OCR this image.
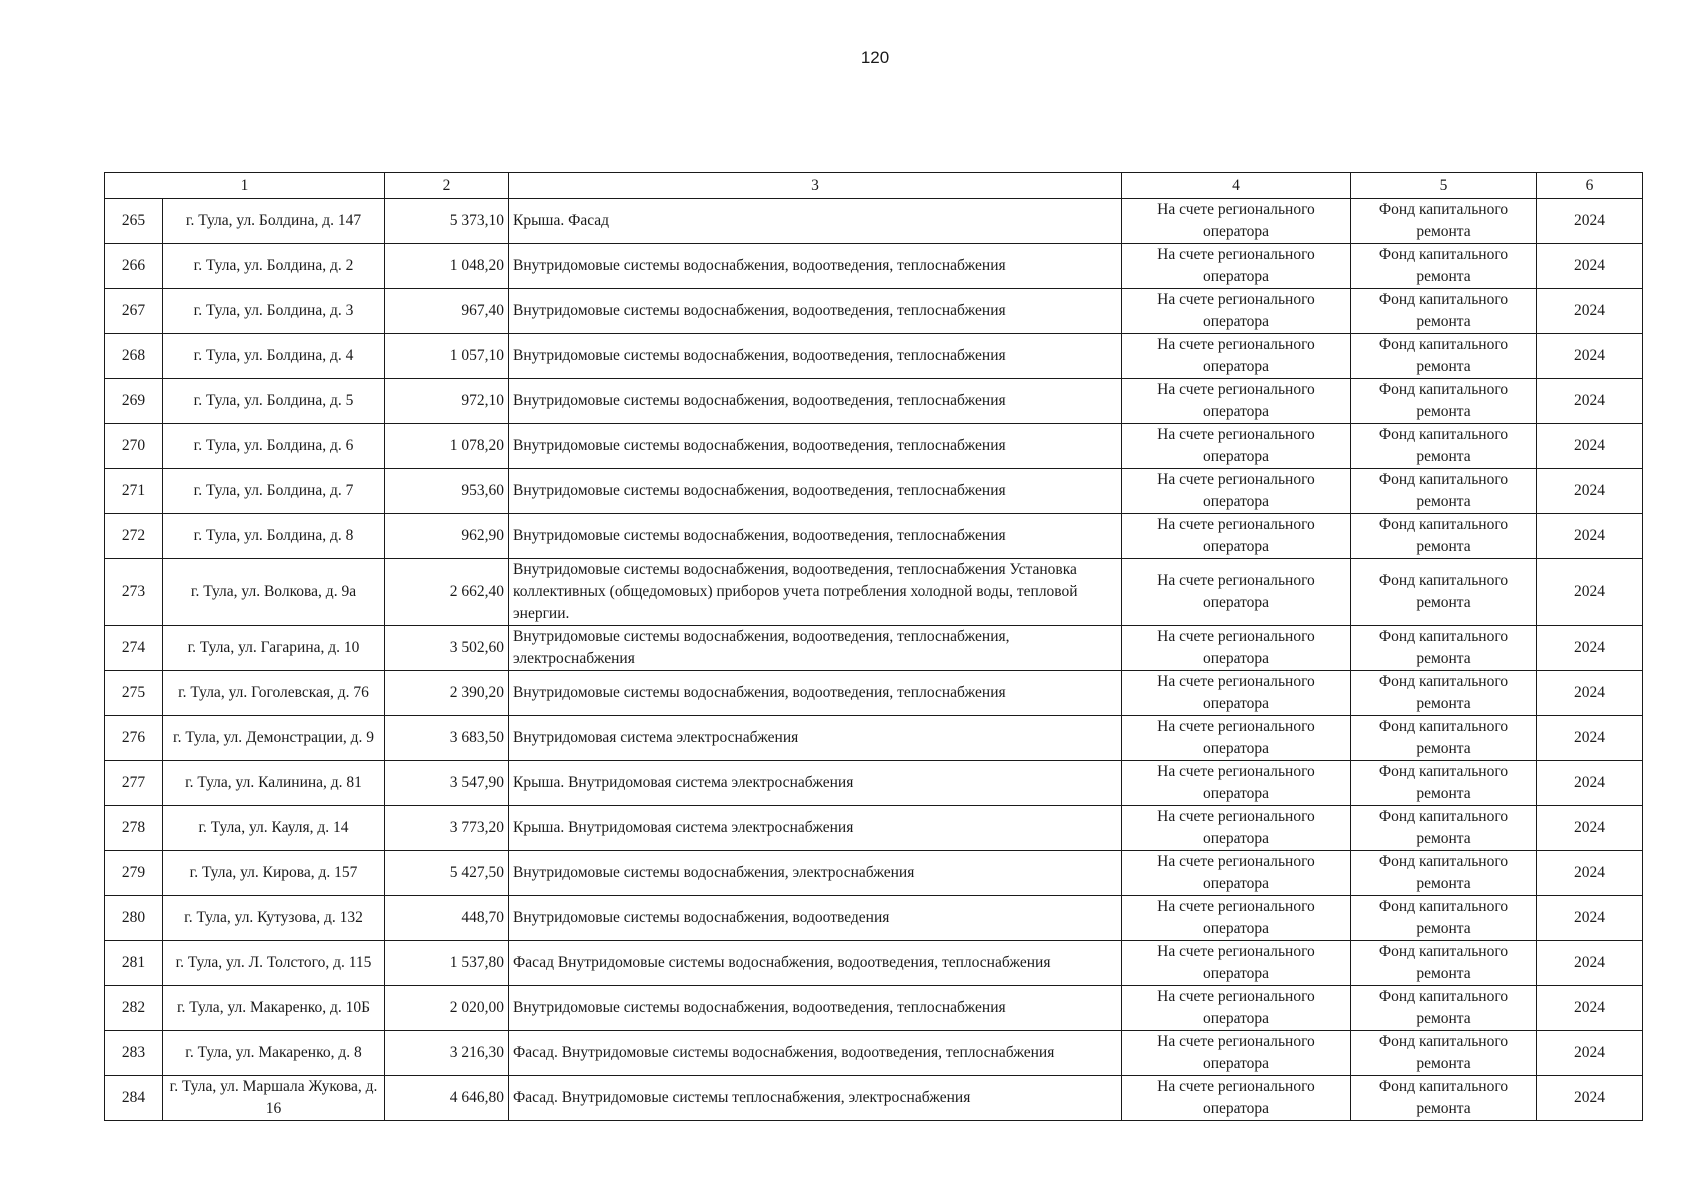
120
1		2	3	4	5	6
265	г. Тула, ул. Болдина, д. 147	5 373,10	Крыша. Фасад	На счете регионального оператора	Фонд капитального ремонта	2024
266	г. Тула, ул. Болдина, д. 2	1 048,20	Внутридомовые системы водоснабжения, водоотведения, теплоснабжения	На счете регионального оператора	Фонд капитального ремонта	2024
267	г. Тула, ул. Болдина, д. 3	967,40	Внутридомовые системы водоснабжения, водоотведения, теплоснабжения	На счете регионального оператора	Фонд капитального ремонта	2024
268	г. Тула, ул. Болдина, д. 4	1 057,10	Внутридомовые системы водоснабжения, водоотведения, теплоснабжения	На счете регионального оператора	Фонд капитального ремонта	2024
269	г. Тула, ул. Болдина, д. 5	972,10	Внутридомовые системы водоснабжения, водоотведения, теплоснабжения	На счете регионального оператора	Фонд капитального ремонта	2024
270	г. Тула, ул. Болдина, д. 6	1 078,20	Внутридомовые системы водоснабжения, водоотведения, теплоснабжения	На счете регионального оператора	Фонд капитального ремонта	2024
271	г. Тула, ул. Болдина, д. 7	953,60	Внутридомовые системы водоснабжения, водоотведения, теплоснабжения	На счете регионального оператора	Фонд капитального ремонта	2024
272	г. Тула, ул. Болдина, д. 8	962,90	Внутридомовые системы водоснабжения, водоотведения, теплоснабжения	На счете регионального оператора	Фонд капитального ремонта	2024
273	г. Тула, ул. Волкова, д. 9а	2 662,40	Внутридомовые системы водоснабжения, водоотведения, теплоснабжения Установка коллективных (общедомовых) приборов учета потребления холодной воды, тепловой энергии.	На счете регионального оператора	Фонд капитального ремонта	2024
274	г. Тула, ул. Гагарина, д. 10	3 502,60	Внутридомовые системы водоснабжения, водоотведения, теплоснабжения, электроснабжения	На счете регионального оператора	Фонд капитального ремонта	2024
275	г. Тула, ул. Гоголевская, д. 76	2 390,20	Внутридомовые системы водоснабжения, водоотведения, теплоснабжения	На счете регионального оператора	Фонд капитального ремонта	2024
276	г. Тула, ул. Демонстрации, д. 9	3 683,50	Внутридомовая система электроснабжения	На счете регионального оператора	Фонд капитального ремонта	2024
277	г. Тула, ул. Калинина, д. 81	3 547,90	Крыша. Внутридомовая система электроснабжения	На счете регионального оператора	Фонд капитального ремонта	2024
278	г. Тула, ул. Кауля, д. 14	3 773,20	Крыша. Внутридомовая система электроснабжения	На счете регионального оператора	Фонд капитального ремонта	2024
279	г. Тула, ул. Кирова, д. 157	5 427,50	Внутридомовые системы водоснабжения, электроснабжения	На счете регионального оператора	Фонд капитального ремонта	2024
280	г. Тула, ул. Кутузова, д. 132	448,70	Внутридомовые системы водоснабжения, водоотведения	На счете регионального оператора	Фонд капитального ремонта	2024
281	г. Тула, ул. Л. Толстого, д. 115	1 537,80	Фасад Внутридомовые системы водоснабжения, водоотведения, теплоснабжения	На счете регионального оператора	Фонд капитального ремонта	2024
282	г. Тула, ул. Макаренко, д. 10Б	2 020,00	Внутридомовые системы водоснабжения, водоотведения, теплоснабжения	На счете регионального оператора	Фонд капитального ремонта	2024
283	г. Тула, ул. Макаренко, д. 8	3 216,30	Фасад. Внутридомовые системы водоснабжения, водоотведения, теплоснабжения	На счете регионального оператора	Фонд капитального ремонта	2024
284	г. Тула, ул. Маршала Жукова, д. 16	4 646,80	Фасад. Внутридомовые системы теплоснабжения, электроснабжения	На счете регионального оператора	Фонд капитального ремонта	2024
